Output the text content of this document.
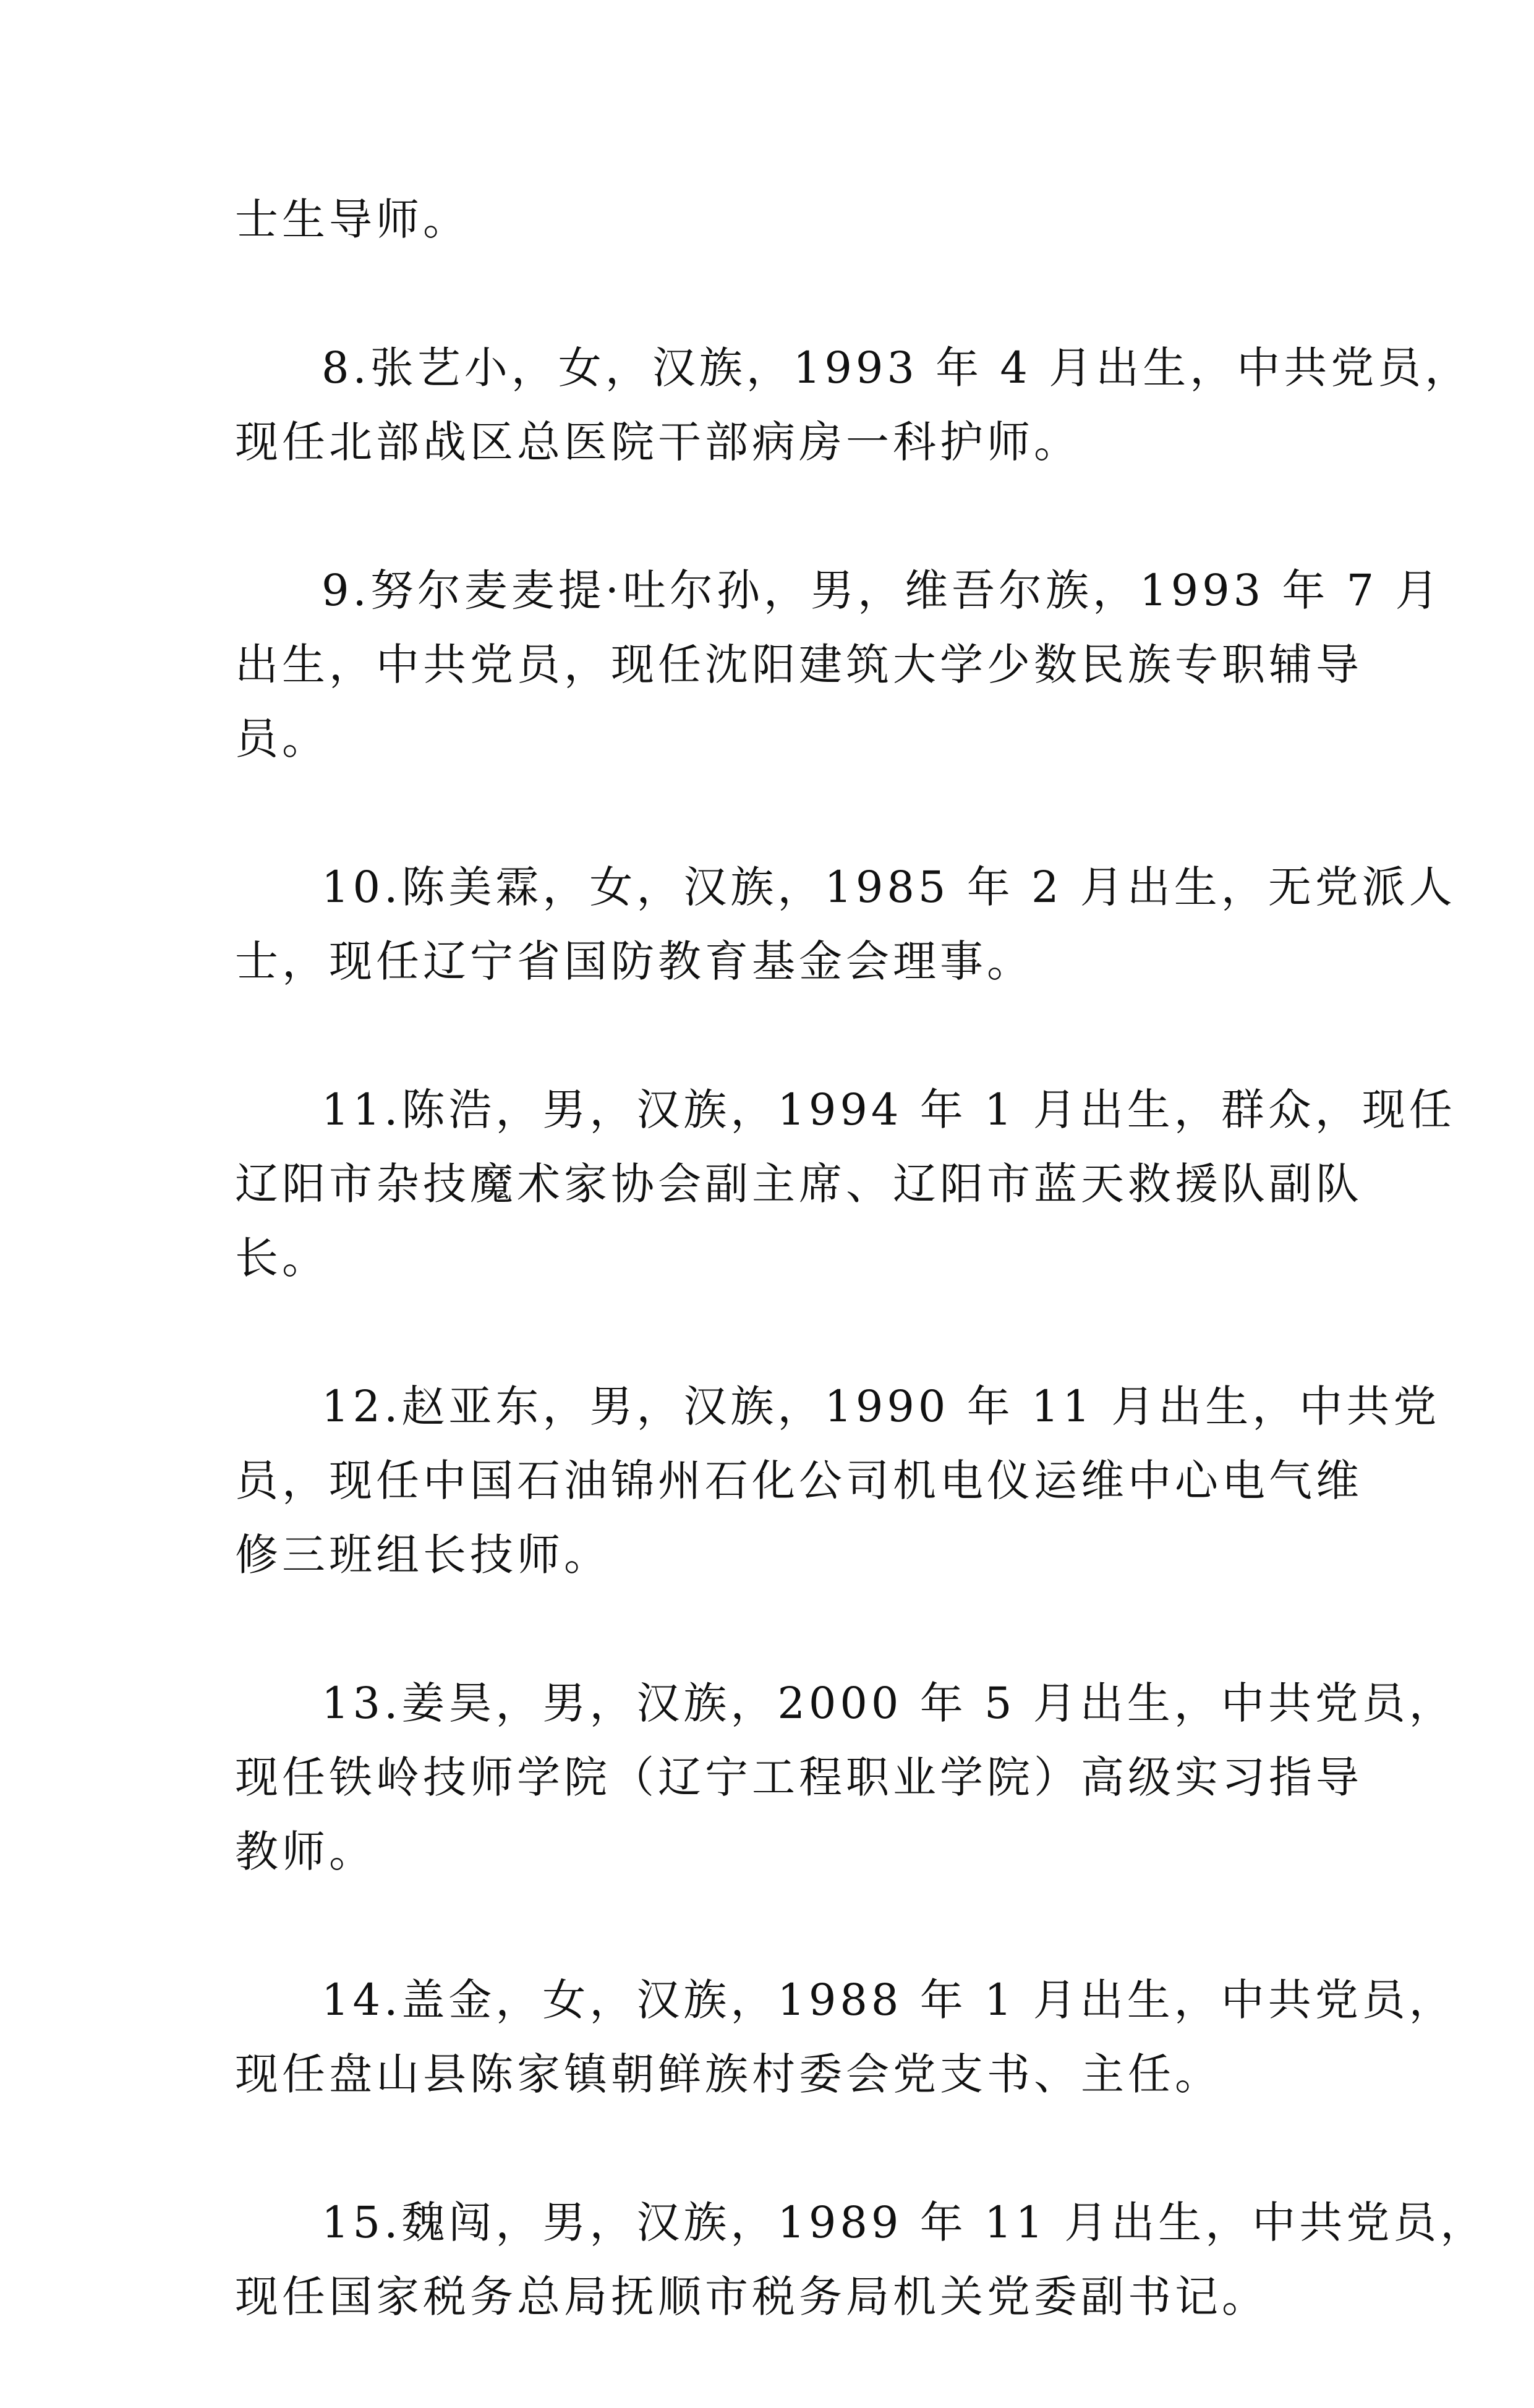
士生导师。
8.张艺小，女，汉族，1993 年 4 月出生，中共党员，
现任北部战区总医院干部病房一科护师。
9.努尔麦麦提·吐尔孙，男，维吾尔族，1993 年 7 月
出生，中共党员，现任沈阳建筑大学少数民族专职辅导
员。
10.陈美霖，女，汉族，1985 年 2 月出生，无党派人
士，现任辽宁省国防教育基金会理事。
11.陈浩，男，汉族，1994 年 1 月出生，群众，现任
辽阳市杂技魔术家协会副主席、辽阳市蓝天救援队副队
长。
12.赵亚东，男，汉族，1990 年 11 月出生，中共党
员，现任中国石油锦州石化公司机电仪运维中心电气维
修三班组长技师。
13.姜昊，男，汉族，2000 年 5 月出生，中共党员，
现任铁岭技师学院（辽宁工程职业学院）高级实习指导
教师。
14.盖金，女，汉族，1988 年 1 月出生，中共党员，
现任盘山县陈家镇朝鲜族村委会党支书、主任。
15.魏闯，男，汉族，1989 年 11 月出生，中共党员，
现任国家税务总局抚顺市税务局机关党委副书记。
